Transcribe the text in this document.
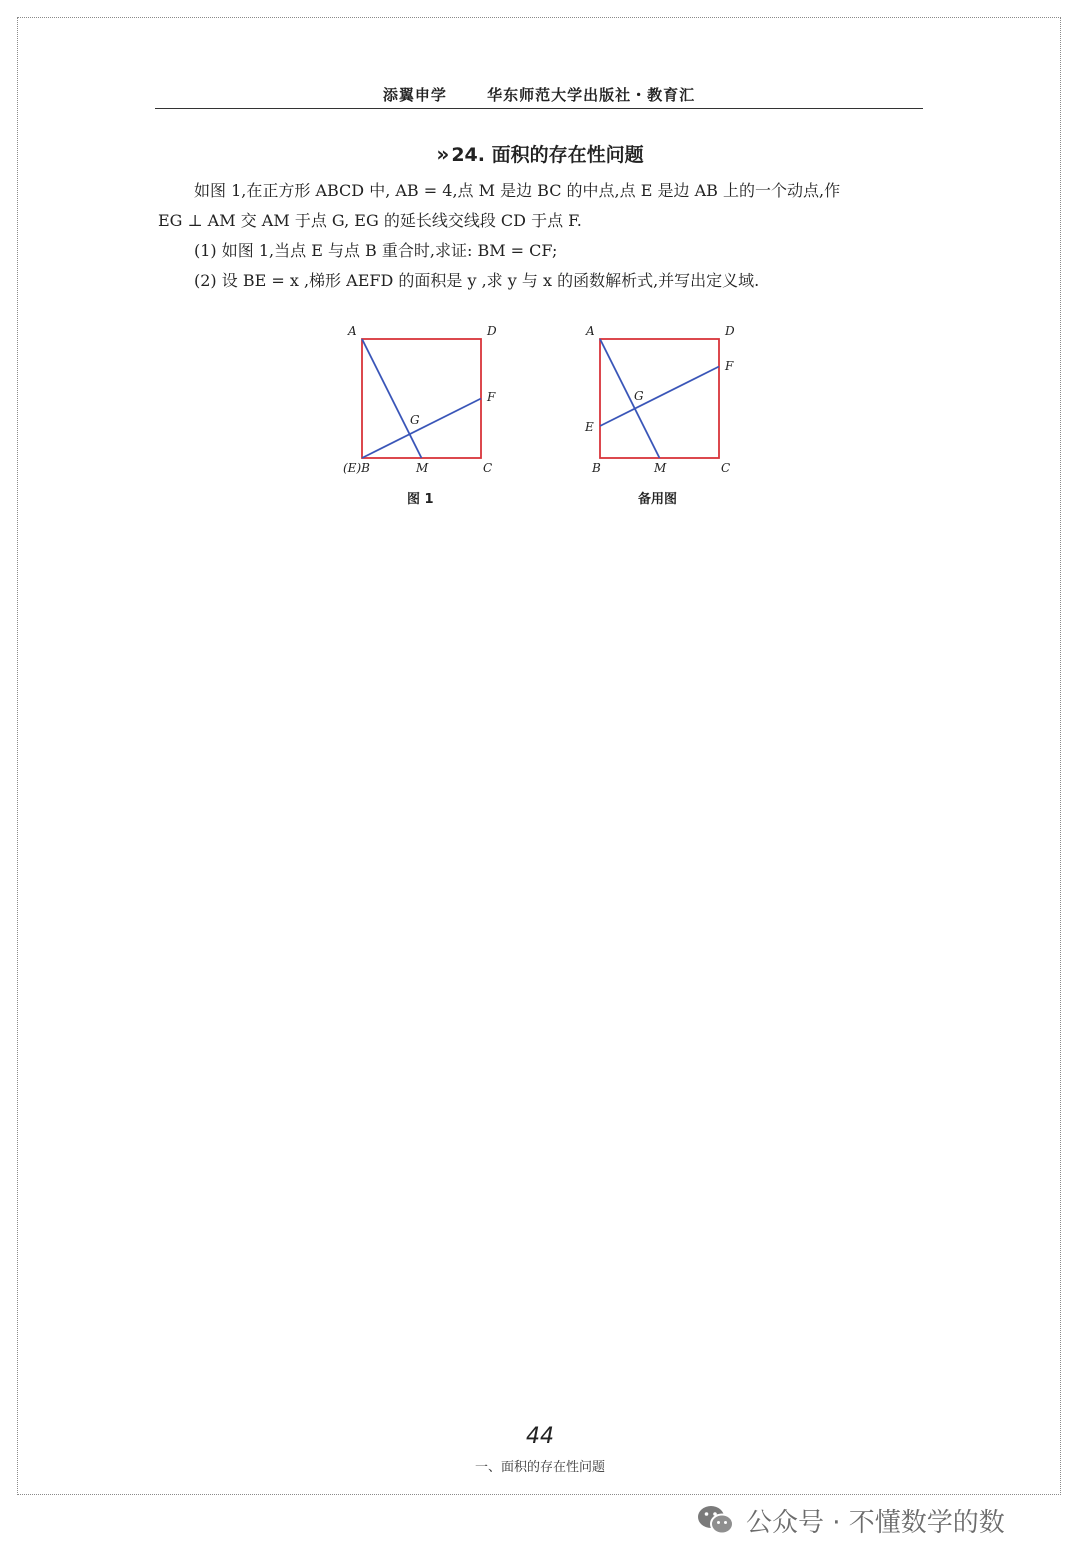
添翼申学	华东师范大学出版社・教育汇
» 24. 面积的存在性问题

如图 1,在正方形 ABCD 中, AB = 4,点 M 是边 BC 的中点,点 E 是边 AB 上的一个动点,作

EG ⊥ AM 交 AM 于点 G, EG 的延长线交线段 CD 于点 F.

(1) 如图 1,当点 E 与点 B 重合时,求证: BM = CF;

(2) 设 BE = x ,梯形 AEFD 的面积是 y ,求 y 与 x 的函数解析式,并写出定义域.

A	D
(E)B	M	C
F
G
图 1
A	D
B	M	C
F
G
E
备用图
44
一、面积的存在性问题
公众号 · 不懂数学的数
